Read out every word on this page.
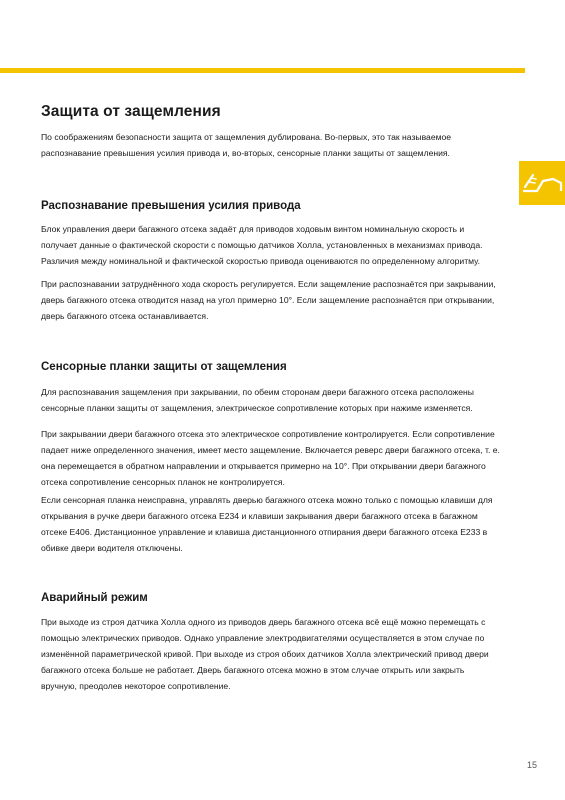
Защита от защемления

По соображениям безопасности защита от защемления дублирована. Во-первых, это так называемое распознавание превышения усилия привода и, во-вторых, сенсорные планки защиты от защемления.

Распознавание превышения усилия привода

Блок управления двери багажного отсека задаёт для приводов ходовым винтом номинальную скорость и получает данные о фактической скорости с помощью датчиков Холла, установленных в механизмах привода. Различия между номинальной и фактической скоростью привода оцениваются по определенному алгоритму.

При распознавании затруднённого хода скорость регулируется. Если защемление распознаётся при закрывании, дверь багажного отсека отводится назад на угол примерно 10°. Если защемление распознаётся при открывании, дверь багажного отсека останавливается.

Сенсорные планки защиты от защемления

Для распознавания защемления при закрывании, по обеим сторонам двери багажного отсека расположены сенсорные планки защиты от защемления, электрическое сопротивление которых при нажиме изменяется.

При закрывании двери багажного отсека это электрическое сопротивление контролируется. Если сопротивление падает ниже определенного значения, имеет место защемление. Включается реверс двери багажного отсека, т. е. она перемещается в обратном направлении и открывается примерно на 10°. При открывании двери багажного отсека сопротивление сенсорных планок не контролируется.

Если сенсорная планка неисправна, управлять дверью багажного отсека можно только с помощью клавиши для открывания в ручке двери багажного отсека E234 и клавиши закрывания двери багажного отсека в багажном отсеке E406. Дистанционное управление и клавиша дистанционного отпирания двери багажного отсека E233 в обивке двери водителя отключены.

Аварийный режим

При выходе из строя датчика Холла одного из приводов дверь багажного отсека всё ещё можно перемещать с помощью электрических приводов. Однако управление электродвигателями осуществляется в этом случае по изменённой параметрической кривой. При выходе из строя обоих датчиков Холла электрический привод двери багажного отсека больше не работает. Дверь багажного отсека можно в этом случае открыть или закрыть вручную, преодолев некоторое сопротивление.

15
